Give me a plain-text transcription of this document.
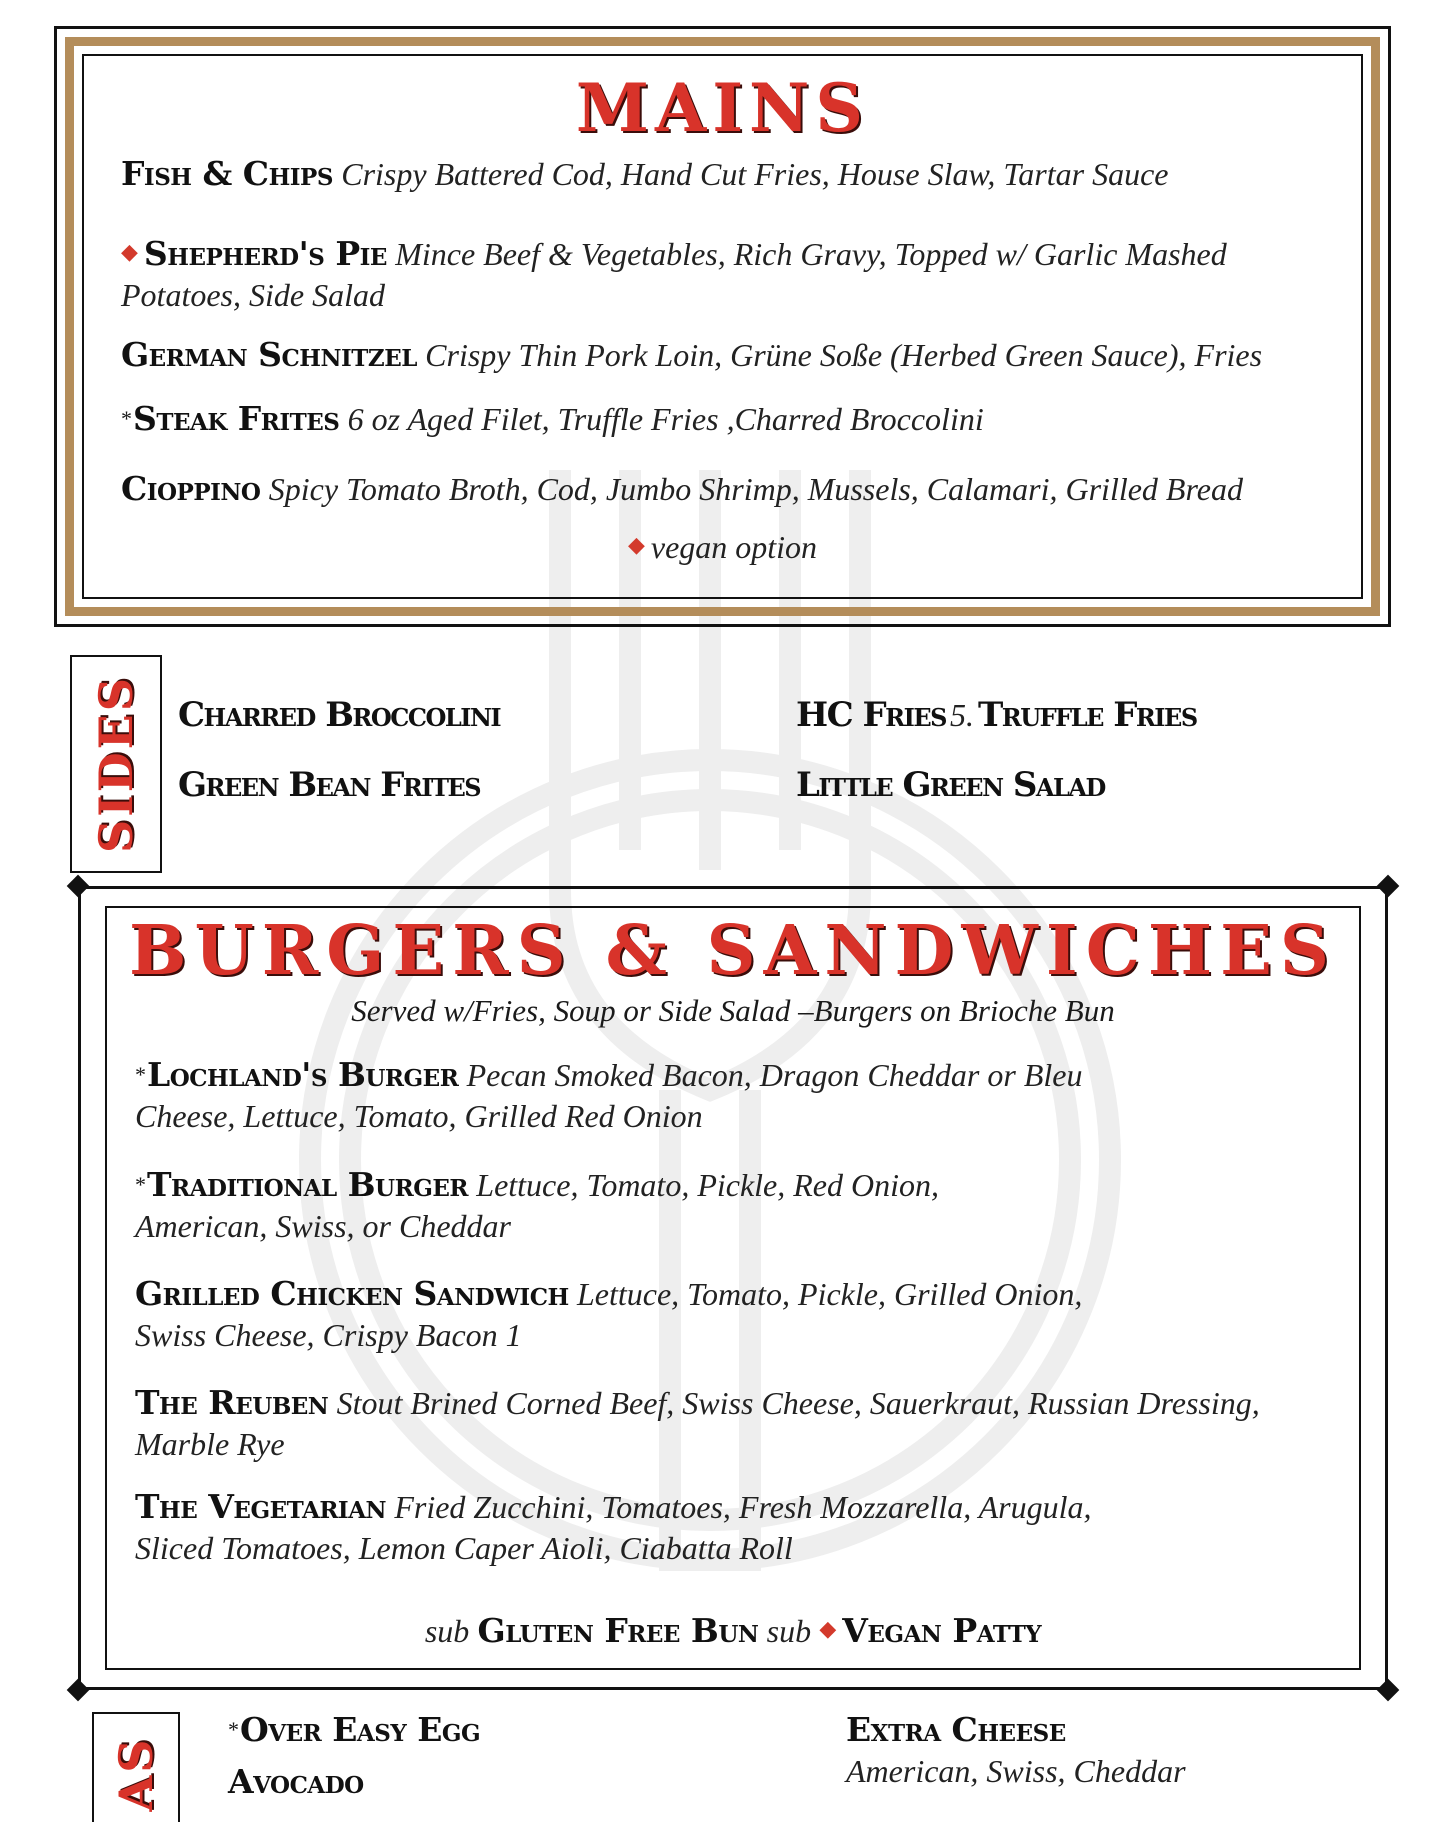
MAINS
Fish & Chips Crispy Battered Cod, Hand Cut Fries, House Slaw, Tartar Sauce
◆ Shepherd's Pie Mince Beef & Vegetables, Rich Gravy, Topped w/ Garlic Mashed
Potatoes, Side Salad
German Schnitzel Crispy Thin Pork Loin, Grüne Soße (Herbed Green Sauce), Fries
*Steak Frites 6 oz Aged Filet, Truffle Fries ,Charred Broccolini
Cioppino Spicy Tomato Broth, Cod, Jumbo Shrimp, Mussels, Calamari, Grilled Bread
◆ vegan option
SIDES Charred Broccolini
Green Bean Frites
HC Fries 5. Truffle Fries
Little Green Salad
BURGERS & SANDWICHES
Served w/Fries, Soup or Side Salad –Burgers on Brioche Bun
*Lochland's Burger Pecan Smoked Bacon, Dragon Cheddar or Bleu
Cheese, Lettuce, Tomato, Grilled Red Onion
*Traditional Burger Lettuce, Tomato, Pickle, Red Onion,
American, Swiss, or Cheddar
Grilled Chicken Sandwich Lettuce, Tomato, Pickle, Grilled Onion,
Swiss Cheese, Crispy Bacon 1
The Reuben Stout Brined Corned Beef, Swiss Cheese, Sauerkraut, Russian Dressing,
Marble Rye
The Vegetarian Fried Zucchini, Tomatoes, Fresh Mozzarella, Arugula,
Sliced Tomatoes, Lemon Caper Aioli, Ciabatta Roll
sub Gluten Free Bun sub ◆ Vegan Patty
AS
*Over Easy Egg
Avocado
Extra Cheese
American, Swiss, Cheddar
